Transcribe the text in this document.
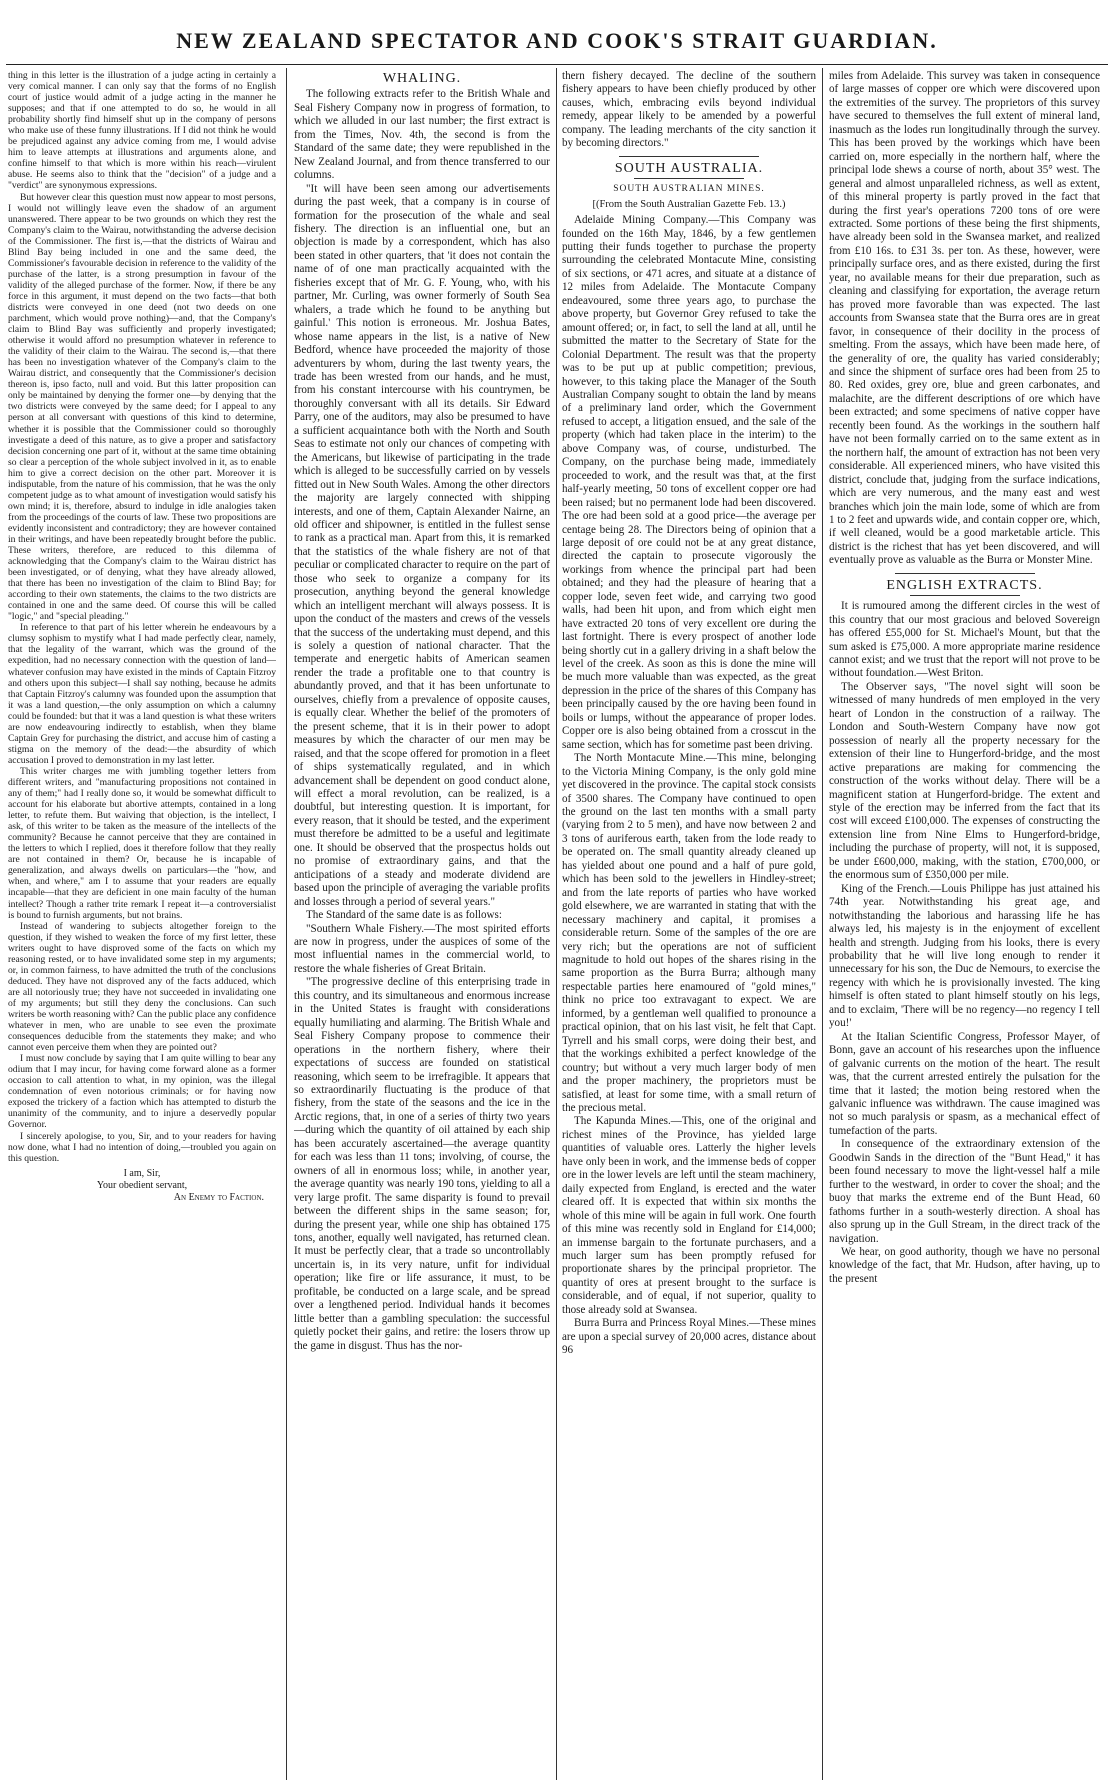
NEW ZEALAND SPECTATOR AND COOK'S STRAIT GUARDIAN.

thing in this letter is the illustration of a judge acting in certainly a very comical manner. I can only say that the forms of no English court of justice would admit of a judge acting in the manner he supposes; and that if one attempted to do so, he would in all probability shortly find himself shut up in the company of persons who make use of these funny illustrations. If I did not think he would be prejudiced against any advice coming from me, I would advise him to leave attempts at illustrations and arguments alone, and confine himself to that which is more within his reach—virulent abuse. He seems also to think that the "decision" of a judge and a "verdict" are synonymous expressions.

But however clear this question must now appear to most persons, I would not willingly leave even the shadow of an argument unanswered. There appear to be two grounds on which they rest the Company's claim to the Wairau, notwithstanding the adverse decision of the Commissioner. The first is,—that the districts of Wairau and Blind Bay being included in one and the same deed, the Commissioner's favourable decision in reference to the validity of the purchase of the latter, is a strong presumption in favour of the validity of the alleged purchase of the former. Now, if there be any force in this argument, it must depend on the two facts—that both districts were conveyed in one deed (not two deeds on one parchment, which would prove nothing)—and, that the Company's claim to Blind Bay was sufficiently and properly investigated; otherwise it would afford no presumption whatever in reference to the validity of their claim to the Wairau. The second is,—that there has been no investigation whatever of the Company's claim to the Wairau district, and consequently that the Commissioner's decision thereon is, ipso facto, null and void. But this latter proposition can only be maintained by denying the former one—by denying that the two districts were conveyed by the same deed; for I appeal to any person at all conversant with questions of this kind to determine, whether it is possible that the Commissioner could so thoroughly investigate a deed of this nature, as to give a proper and satisfactory decision concerning one part of it, without at the same time obtaining so clear a perception of the whole subject involved in it, as to enable him to give a correct decision on the other part. Moreover it is indisputable, from the nature of his commission, that he was the only competent judge as to what amount of investigation would satisfy his own mind; it is, therefore, absurd to indulge in idle analogies taken from the proceedings of the courts of law. These two propositions are evidently inconsistent and contradictory; they are however contained in their writings, and have been repeatedly brought before the public. These writers, therefore, are reduced to this dilemma of acknowledging that the Company's claim to the Wairau district has been investigated, or of denying, what they have already allowed, that there has been no investigation of the claim to Blind Bay; for according to their own statements, the claims to the two districts are contained in one and the same deed. Of course this will be called "logic," and "special pleading."

In reference to that part of his letter wherein he endeavours by a clumsy sophism to mystify what I had made perfectly clear, namely, that the legality of the warrant, which was the ground of the expedition, had no necessary connection with the question of land—whatever confusion may have existed in the minds of Captain Fitzroy and others upon this subject—I shall say nothing, because he admits that Captain Fitzroy's calumny was founded upon the assumption that it was a land question,—the only assumption on which a calumny could be founded: but that it was a land question is what these writers are now endeavouring indirectly to establish, when they blame Captain Grey for purchasing the district, and accuse him of casting a stigma on the memory of the dead:—the absurdity of which accusation I proved to demonstration in my last letter.

This writer charges me with jumbling together letters from different writers, and "manufacturing propositions not contained in any of them;" had I really done so, it would be somewhat difficult to account for his elaborate but abortive attempts, contained in a long letter, to refute them. But waiving that objection, is the intellect, I ask, of this writer to be taken as the measure of the intellects of the community? Because he cannot perceive that they are contained in the letters to which I replied, does it therefore follow that they really are not contained in them? Or, because he is incapable of generalization, and always dwells on particulars—the "how, and when, and where," am I to assume that your readers are equally incapable—that they are deficient in one main faculty of the human intellect? Though a rather trite remark I repeat it—a controversialist is bound to furnish arguments, but not brains.

Instead of wandering to subjects altogether foreign to the question, if they wished to weaken the force of my first letter, these writers ought to have disproved some of the facts on which my reasoning rested, or to have invalidated some step in my arguments; or, in common fairness, to have admitted the truth of the conclusions deduced. They have not disproved any of the facts adduced, which are all notoriously true; they have not succeeded in invalidating one of my arguments; but still they deny the conclusions. Can such writers be worth reasoning with? Can the public place any confidence whatever in men, who are unable to see even the proximate consequences deducible from the statements they make; and who cannot even perceive them when they are pointed out?

I must now conclude by saying that I am quite willing to bear any odium that I may incur, for having come forward alone as a former occasion to call attention to what, in my opinion, was the illegal condemnation of even notorious criminals; or for having now exposed the trickery of a faction which has attempted to disturb the unanimity of the community, and to injure a deservedly popular Governor.

I sincerely apologise, to you, Sir, and to your readers for having now done, what I had no intention of doing,—troubled you again on this question.

I am, Sir,
Your obedient servant,
An Enemy to Faction.
WHALING.

The following extracts refer to the British Whale and Seal Fishery Company now in progress of formation, to which we alluded in our last number; the first extract is from the Times, Nov. 4th, the second is from the Standard of the same date; they were republished in the New Zealand Journal, and from thence transferred to our columns.

"It will have been seen among our advertisements during the past week, that a company is in course of formation for the prosecution of the whale and seal fishery. The direction is an influential one, but an objection is made by a correspondent, which has also been stated in other quarters, that 'it does not contain the name of of one man practically acquainted with the fisheries except that of Mr. G. F. Young, who, with his partner, Mr. Curling, was owner formerly of South Sea whalers, a trade which he found to be anything but gainful.' This notion is erroneous. Mr. Joshua Bates, whose name appears in the list, is a native of New Bedford, whence have proceeded the majority of those adventurers by whom, during the last twenty years, the trade has been wrested from our hands, and he must, from his constant intercourse with his countrymen, be thoroughly conversant with all its details. Sir Edward Parry, one of the auditors, may also be presumed to have a sufficient acquaintance both with the North and South Seas to estimate not only our chances of competing with the Americans, but likewise of participating in the trade which is alleged to be successfully carried on by vessels fitted out in New South Wales. Among the other directors the majority are largely connected with shipping interests, and one of them, Captain Alexander Nairne, an old officer and shipowner, is entitled in the fullest sense to rank as a practical man. Apart from this, it is remarked that the statistics of the whale fishery are not of that peculiar or complicated character to require on the part of those who seek to organize a company for its prosecution, anything beyond the general knowledge which an intelligent merchant will always possess. It is upon the conduct of the masters and crews of the vessels that the success of the undertaking must depend, and this is solely a question of national character. That the temperate and energetic habits of American seamen render the trade a profitable one to that country is abundantly proved, and that it has been unfortunate to ourselves, chiefly from a prevalence of opposite causes, is equally clear. Whether the belief of the promoters of the present scheme, that it is in their power to adopt measures by which the character of our men may be raised, and that the scope offered for promotion in a fleet of ships systematically regulated, and in which advancement shall be dependent on good conduct alone, will effect a moral revolution, can be realized, is a doubtful, but interesting question. It is important, for every reason, that it should be tested, and the experiment must therefore be admitted to be a useful and legitimate one. It should be observed that the prospectus holds out no promise of extraordinary gains, and that the anticipations of a steady and moderate dividend are based upon the principle of averaging the variable profits and losses through a period of several years."

The Standard of the same date is as follows:

"Southern Whale Fishery.—The most spirited efforts are now in progress, under the auspices of some of the most influential names in the commercial world, to restore the whale fisheries of Great Britain.

"The progressive decline of this enterprising trade in this country, and its simultaneous and enormous increase in the United States is fraught with considerations equally humiliating and alarming. The British Whale and Seal Fishery Company propose to commence their operations in the northern fishery, where their expectations of success are founded on statistical reasoning, which seem to be irrefragible. It appears that so extraordinarily fluctuating is the produce of that fishery, from the state of the seasons and the ice in the Arctic regions, that, in one of a series of thirty two years—during which the quantity of oil attained by each ship has been accurately ascertained—the average quantity for each was less than 11 tons; involving, of course, the owners of all in enormous loss; while, in another year, the average quantity was nearly 190 tons, yielding to all a very large profit. The same disparity is found to prevail between the different ships in the same season; for, during the present year, while one ship has obtained 175 tons, another, equally well navigated, has returned clean. It must be perfectly clear, that a trade so uncontrollably uncertain is, in its very nature, unfit for individual operation; like fire or life assurance, it must, to be profitable, be conducted on a large scale, and be spread over a lengthened period. Individual hands it becomes little better than a gambling speculation: the successful quietly pocket their gains, and retire: the losers throw up the game in disgust. Thus has the nor-

thern fishery decayed. The decline of the southern fishery appears to have been chiefly produced by other causes, which, embracing evils beyond individual remedy, appear likely to be amended by a powerful company. The leading merchants of the city sanction it by becoming directors."

SOUTH AUSTRALIA.
SOUTH AUSTRALIAN MINES.
[(From the South Australian Gazette Feb. 13.)

Adelaide Mining Company.—This Company was founded on the 16th May, 1846, by a few gentlemen putting their funds together to purchase the property surrounding the celebrated Montacute Mine, consisting of six sections, or 471 acres, and situate at a distance of 12 miles from Adelaide. The Montacute Company endeavoured, some three years ago, to purchase the above property, but Governor Grey refused to take the amount offered; or, in fact, to sell the land at all, until he submitted the matter to the Secretary of State for the Colonial Department. The result was that the property was to be put up at public competition; previous, however, to this taking place the Manager of the South Australian Company sought to obtain the land by means of a preliminary land order, which the Government refused to accept, a litigation ensued, and the sale of the property (which had taken place in the interim) to the above Company was, of course, undisturbed. The Company, on the purchase being made, immediately proceeded to work, and the result was that, at the first half-yearly meeting, 50 tons of excellent copper ore had been raised; but no permanent lode had been discovered. The ore had been sold at a good price—the average per centage being 28. The Directors being of opinion that a large deposit of ore could not be at any great distance, directed the captain to prosecute vigorously the workings from whence the principal part had been obtained; and they had the pleasure of hearing that a copper lode, seven feet wide, and carrying two good walls, had been hit upon, and from which eight men have extracted 20 tons of very excellent ore during the last fortnight. There is every prospect of another lode being shortly cut in a gallery driving in a shaft below the level of the creek. As soon as this is done the mine will be much more valuable than was expected, as the great depression in the price of the shares of this Company has been principally caused by the ore having been found in boils or lumps, without the appearance of proper lodes. Copper ore is also being obtained from a crosscut in the same section, which has for sometime past been driving.

The North Montacute Mine.—This mine, belonging to the Victoria Mining Company, is the only gold mine yet discovered in the province. The capital stock consists of 3500 shares. The Company have continued to open the ground on the last ten months with a small party (varying from 2 to 5 men), and have now between 2 and 3 tons of auriferous earth, taken from the lode ready to be operated on. The small quantity already cleaned up has yielded about one pound and a half of pure gold, which has been sold to the jewellers in Hindley-street; and from the late reports of parties who have worked gold elsewhere, we are warranted in stating that with the necessary machinery and capital, it promises a considerable return. Some of the samples of the ore are very rich; but the operations are not of sufficient magnitude to hold out hopes of the shares rising in the same proportion as the Burra Burra; although many respectable parties here enamoured of "gold mines," think no price too extravagant to expect. We are informed, by a gentleman well qualified to pronounce a practical opinion, that on his last visit, he felt that Capt. Tyrrell and his small corps, were doing their best, and that the workings exhibited a perfect knowledge of the country; but without a very much larger body of men and the proper machinery, the proprietors must be satisfied, at least for some time, with a small return of the precious metal.

The Kapunda Mines.—This, one of the original and richest mines of the Province, has yielded large quantities of valuable ores. Latterly the higher levels have only been in work, and the immense beds of copper ore in the lower levels are left until the steam machinery, daily expected from England, is erected and the water cleared off. It is expected that within six months the whole of this mine will be again in full work. One fourth of this mine was recently sold in England for £14,000; an immense bargain to the fortunate purchasers, and a much larger sum has been promptly refused for proportionate shares by the principal proprietor. The quantity of ores at present brought to the surface is considerable, and of equal, if not superior, quality to those already sold at Swansea.

Burra Burra and Princess Royal Mines.—These mines are upon a special survey of 20,000 acres, distance about 96

miles from Adelaide. This survey was taken in consequence of large masses of copper ore which were discovered upon the extremities of the survey. The proprietors of this survey have secured to themselves the full extent of mineral land, inasmuch as the lodes run longitudinally through the survey. This has been proved by the workings which have been carried on, more especially in the northern half, where the principal lode shews a course of north, about 35° west. The general and almost unparalleled richness, as well as extent, of this mineral property is partly proved in the fact that during the first year's operations 7200 tons of ore were extracted. Some portions of these being the first shipments, have already been sold in the Swansea market, and realized from £10 16s. to £31 3s. per ton. As these, however, were principally surface ores, and as there existed, during the first year, no available means for their due preparation, such as cleaning and classifying for exportation, the average return has proved more favorable than was expected. The last accounts from Swansea state that the Burra ores are in great favor, in consequence of their docility in the process of smelting. From the assays, which have been made here, of the generality of ore, the quality has varied considerably; and since the shipment of surface ores had been from 25 to 80. Red oxides, grey ore, blue and green carbonates, and malachite, are the different descriptions of ore which have been extracted; and some specimens of native copper have recently been found. As the workings in the southern half have not been formally carried on to the same extent as in the northern half, the amount of extraction has not been very considerable. All experienced miners, who have visited this district, conclude that, judging from the surface indications, which are very numerous, and the many east and west branches which join the main lode, some of which are from 1 to 2 feet and upwards wide, and contain copper ore, which, if well cleaned, would be a good marketable article. This district is the richest that has yet been discovered, and will eventually prove as valuable as the Burra or Monster Mine.

ENGLISH EXTRACTS.

It is rumoured among the different circles in the west of this country that our most gracious and beloved Sovereign has offered £55,000 for St. Michael's Mount, but that the sum asked is £75,000. A more appropriate marine residence cannot exist; and we trust that the report will not prove to be without foundation.—West Briton.

The Observer says, "The novel sight will soon be witnessed of many hundreds of men employed in the very heart of London in the construction of a railway. The London and South-Western Company have now got possession of nearly all the property necessary for the extension of their line to Hungerford-bridge, and the most active preparations are making for commencing the construction of the works without delay. There will be a magnificent station at Hungerford-bridge. The extent and style of the erection may be inferred from the fact that its cost will exceed £100,000. The expenses of constructing the extension line from Nine Elms to Hungerford-bridge, including the purchase of property, will not, it is supposed, be under £600,000, making, with the station, £700,000, or the enormous sum of £350,000 per mile.

King of the French.—Louis Philippe has just attained his 74th year. Notwithstanding his great age, and notwithstanding the laborious and harassing life he has always led, his majesty is in the enjoyment of excellent health and strength. Judging from his looks, there is every probability that he will live long enough to render it unnecessary for his son, the Duc de Nemours, to exercise the regency with which he is provisionally invested. The king himself is often stated to plant himself stoutly on his legs, and to exclaim, 'There will be no regency—no regency I tell you!'

At the Italian Scientific Congress, Professor Mayer, of Bonn, gave an account of his researches upon the influence of galvanic currents on the motion of the heart. The result was, that the current arrested entirely the pulsation for the time that it lasted; the motion being restored when the galvanic influence was withdrawn. The cause imagined was not so much paralysis or spasm, as a mechanical effect of tumefaction of the parts.

In consequence of the extraordinary extension of the Goodwin Sands in the direction of the "Bunt Head," it has been found necessary to move the light-vessel half a mile further to the westward, in order to cover the shoal; and the buoy that marks the extreme end of the Bunt Head, 60 fathoms further in a south-westerly direction. A shoal has also sprung up in the Gull Stream, in the direct track of the navigation.

We hear, on good authority, though we have no personal knowledge of the fact, that Mr. Hudson, after having, up to the present
